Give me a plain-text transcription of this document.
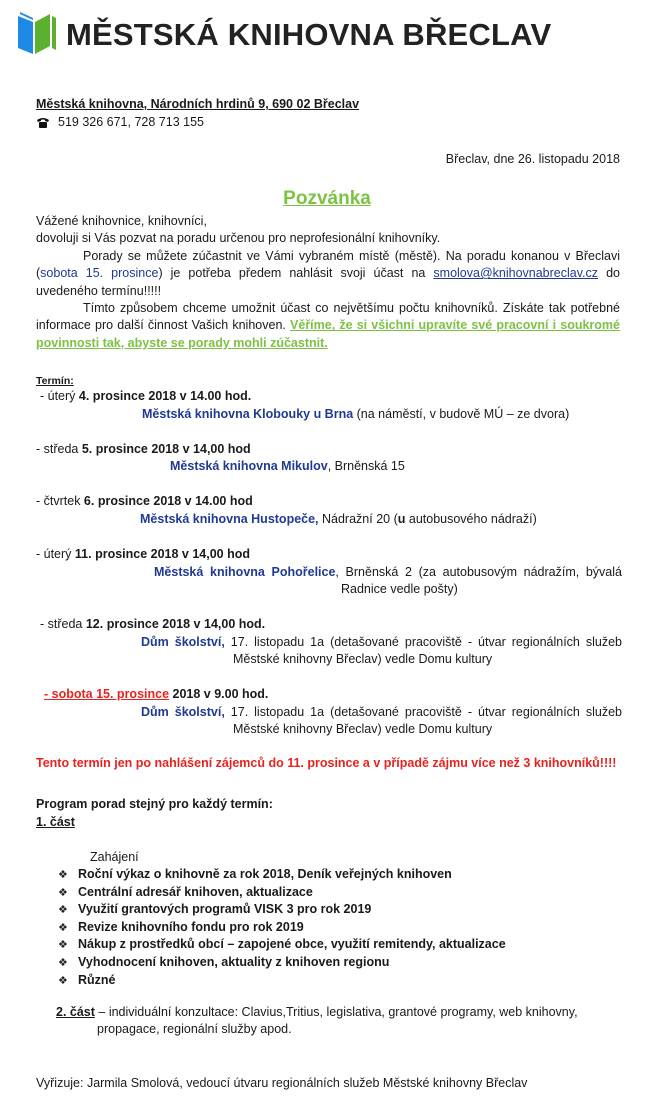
MĚSTSKÁ KNIHOVNA BŘECLAV
Městská knihovna, Národních hrdinů 9, 690 02 Břeclav
519 326 671, 728 713 155
Břeclav, dne 26. listopadu 2018
Pozvánka

Vážené knihovnice, knihovníci,

dovoluji si Vás pozvat na poradu určenou pro neprofesionální knihovníky.

Porady se můžete zúčastnit ve Vámi vybraném místě (městě). Na poradu konanou v Břeclavi (sobota 15. prosince) je potřeba předem nahlásit svoji účast na smolova@knihovnabreclav.cz do uvedeného termínu!!!!!

Tímto způsobem chceme umožnit účast co největšímu počtu knihovníků. Získáte tak potřebné informace pro další činnost Vašich knihoven. Věříme, že si všichni upravíte své pracovní i soukromé povinnosti tak, abyste se porady mohli zúčastnit.

Termín:
- úterý 4. prosince 2018 v 14.00 hod.
Městská knihovna Klobouky u Brna (na náměstí, v budově MÚ – ze dvora)
- středa 5. prosince 2018 v 14,00 hod
Městská knihovna Mikulov, Brněnská 15
- čtvrtek 6. prosince 2018 v 14.00 hod
Městská knihovna Hustopeče, Nádražní 20 (u autobusového nádraží)
- úterý 11. prosince 2018 v 14,00 hod
Městská knihovna Pohořelice, Brněnská 2 (za autobusovým nádražím, bývalá
Radnice vedle pošty)
- středa 12. prosince 2018 v 14,00 hod.
Dům školství, 17. listopadu 1a (detašované pracoviště - útvar regionálních služeb
Městské knihovny Břeclav) vedle Domu kultury
- sobota 15. prosince 2018 v 9.00 hod.
Dům školství, 17. listopadu 1a (detašované pracoviště - útvar regionálních služeb
Městské knihovny Břeclav) vedle Domu kultury
Tento termín jen po nahlášení zájemců do 11. prosince a v případě zájmu více než 3 knihovníků!!!!
Program porad stejný pro každý termín:
1. část
Zahájení
❖ Roční výkaz o knihovně za rok 2018, Deník veřejných knihoven
❖ Centrální adresář knihoven, aktualizace
❖ Využití grantových programů VISK 3 pro rok 2019
❖ Revize knihovního fondu pro rok 2019
❖ Nákup z prostředků obcí – zapojené obce, využití remitendy, aktualizace
❖ Vyhodnocení knihoven, aktuality z knihoven regionu
❖ Různé
2. část – individuální konzultace: Clavius,Tritius, legislativa, grantové programy, web knihovny,
propagace, regionální služby apod.
Vyřizuje: Jarmila Smolová, vedoucí útvaru regionálních služeb Městské knihovny Břeclav
